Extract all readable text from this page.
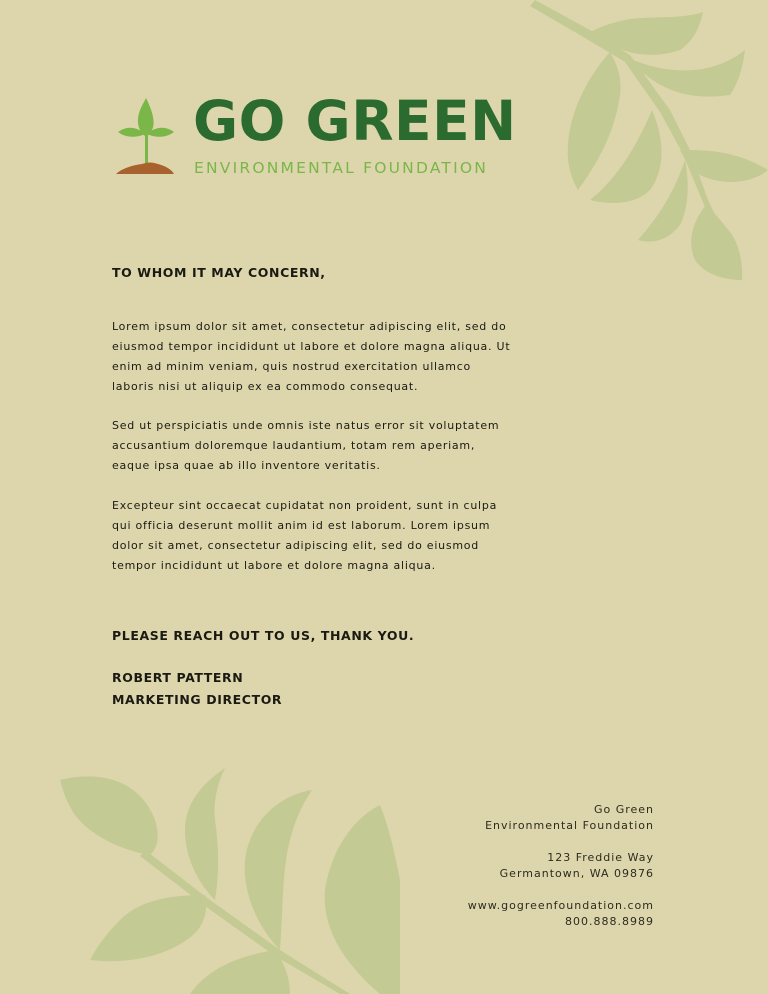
GO GREEN
ENVIRONMENTAL FOUNDATION
TO WHOM IT MAY CONCERN,

Lorem ipsum dolor sit amet, consectetur adipiscing elit, sed do
eiusmod tempor incididunt ut labore et dolore magna aliqua. Ut
enim ad minim veniam, quis nostrud exercitation ullamco
laboris nisi ut aliquip ex ea commodo consequat.

Sed ut perspiciatis unde omnis iste natus error sit voluptatem
accusantium doloremque laudantium, totam rem aperiam,
eaque ipsa quae ab illo inventore veritatis.

Excepteur sint occaecat cupidatat non proident, sunt in culpa
qui officia deserunt mollit anim id est laborum. Lorem ipsum
dolor sit amet, consectetur adipiscing elit, sed do eiusmod
tempor incididunt ut labore et dolore magna aliqua.

PLEASE REACH OUT TO US, THANK YOU.
ROBERT PATTERN
MARKETING DIRECTOR
Go Green
Environmental Foundation
123 Freddie Way
Germantown, WA 09876
www.gogreenfoundation.com
800.888.8989
